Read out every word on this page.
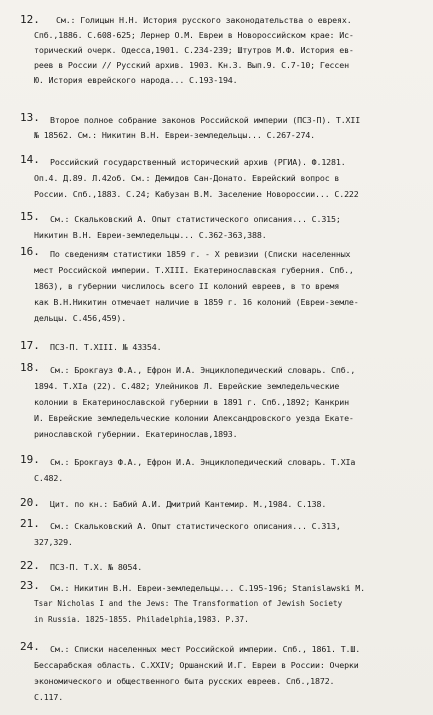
12. См.: Голицын Н.Н. История русского законодательства о евреях.
Спб.,1886. С.608-625; Лернер О.М. Евреи в Новороссийском крае: Ис-
торический очерк. Одесса,1901. С.234-239; Штутров М.Ф. История ев-
реев в России // Русский архив. 1903. Кн.3. Вып.9. С.7-10; Гессен
Ю. История еврейского народа... С.193-194.
13. Второе полное собрание законов Российской империи (ПСЗ-П). Т.XII
№ 18562. См.: Никитин В.Н. Евреи-земледельцы... С.267-274.
14. Российский государственный исторический архив (РГИА). Ф.1281.
Оп.4. Д.89. Л.42об. См.: Демидов Сан-Донато. Еврейский вопрос в
России. Спб.,1883. С.24; Кабузан В.М. Заселение Новороссии... С.222
15. См.: Скальковский А. Опыт статистического описания... С.315;
Никитин В.Н. Евреи-земледельцы... С.362-363,388.
16. По сведениям статистики 1859 г. - X ревизии (Списки населенных
мест Российской империи. Т.XIII. Екатеринославская губерния. Спб.,
1863), в губернии числилось всего II колоний евреев, в то время
как В.Н.Никитин отмечает наличие в 1859 г. 16 колоний (Евреи-земле-
дельцы. С.456,459).
17. ПСЗ-П. Т.XIII. № 43354.
18. См.: Брокгауз Ф.А., Ефрон И.А. Энциклопедический словарь. Спб.,
1894. Т.XIa (22). С.482; Улейников Л. Еврейские земледельческие
колонии в Екатеринославской губернии в 1891 г. Спб.,1892; Канкрин
И. Еврейские земледельческие колонии Александровского уезда Екате-
ринославской губернии. Екатеринослав,1893.
19. См.: Брокгауз Ф.А., Ефрон И.А. Энциклопедический словарь. Т.XIa
С.482.
20. Цит. по кн.: Бабий А.И. Дмитрий Кантемир. М.,1984. С.138.
21. См.: Скальковский А. Опыт статистического описания... С.313,
327,329.
22. ПСЗ-П. Т.X. № 8054.
23. См.: Никитин В.Н. Евреи-земледельцы... С.195-196; Stanislawski M.
Tsar Nicholas I and the Jews: The Transformation of Jewish Society
in Russia. 1825-1855. Philadelphia,1983. P.37.
24. См.: Списки населенных мест Российской империи. Спб., 1861. Т.Ш.
Бессарабская область. С.XXIV; Оршанский И.Г. Евреи в России: Очерки
экономического и общественного быта русских евреев. Спб.,1872.
С.117.
